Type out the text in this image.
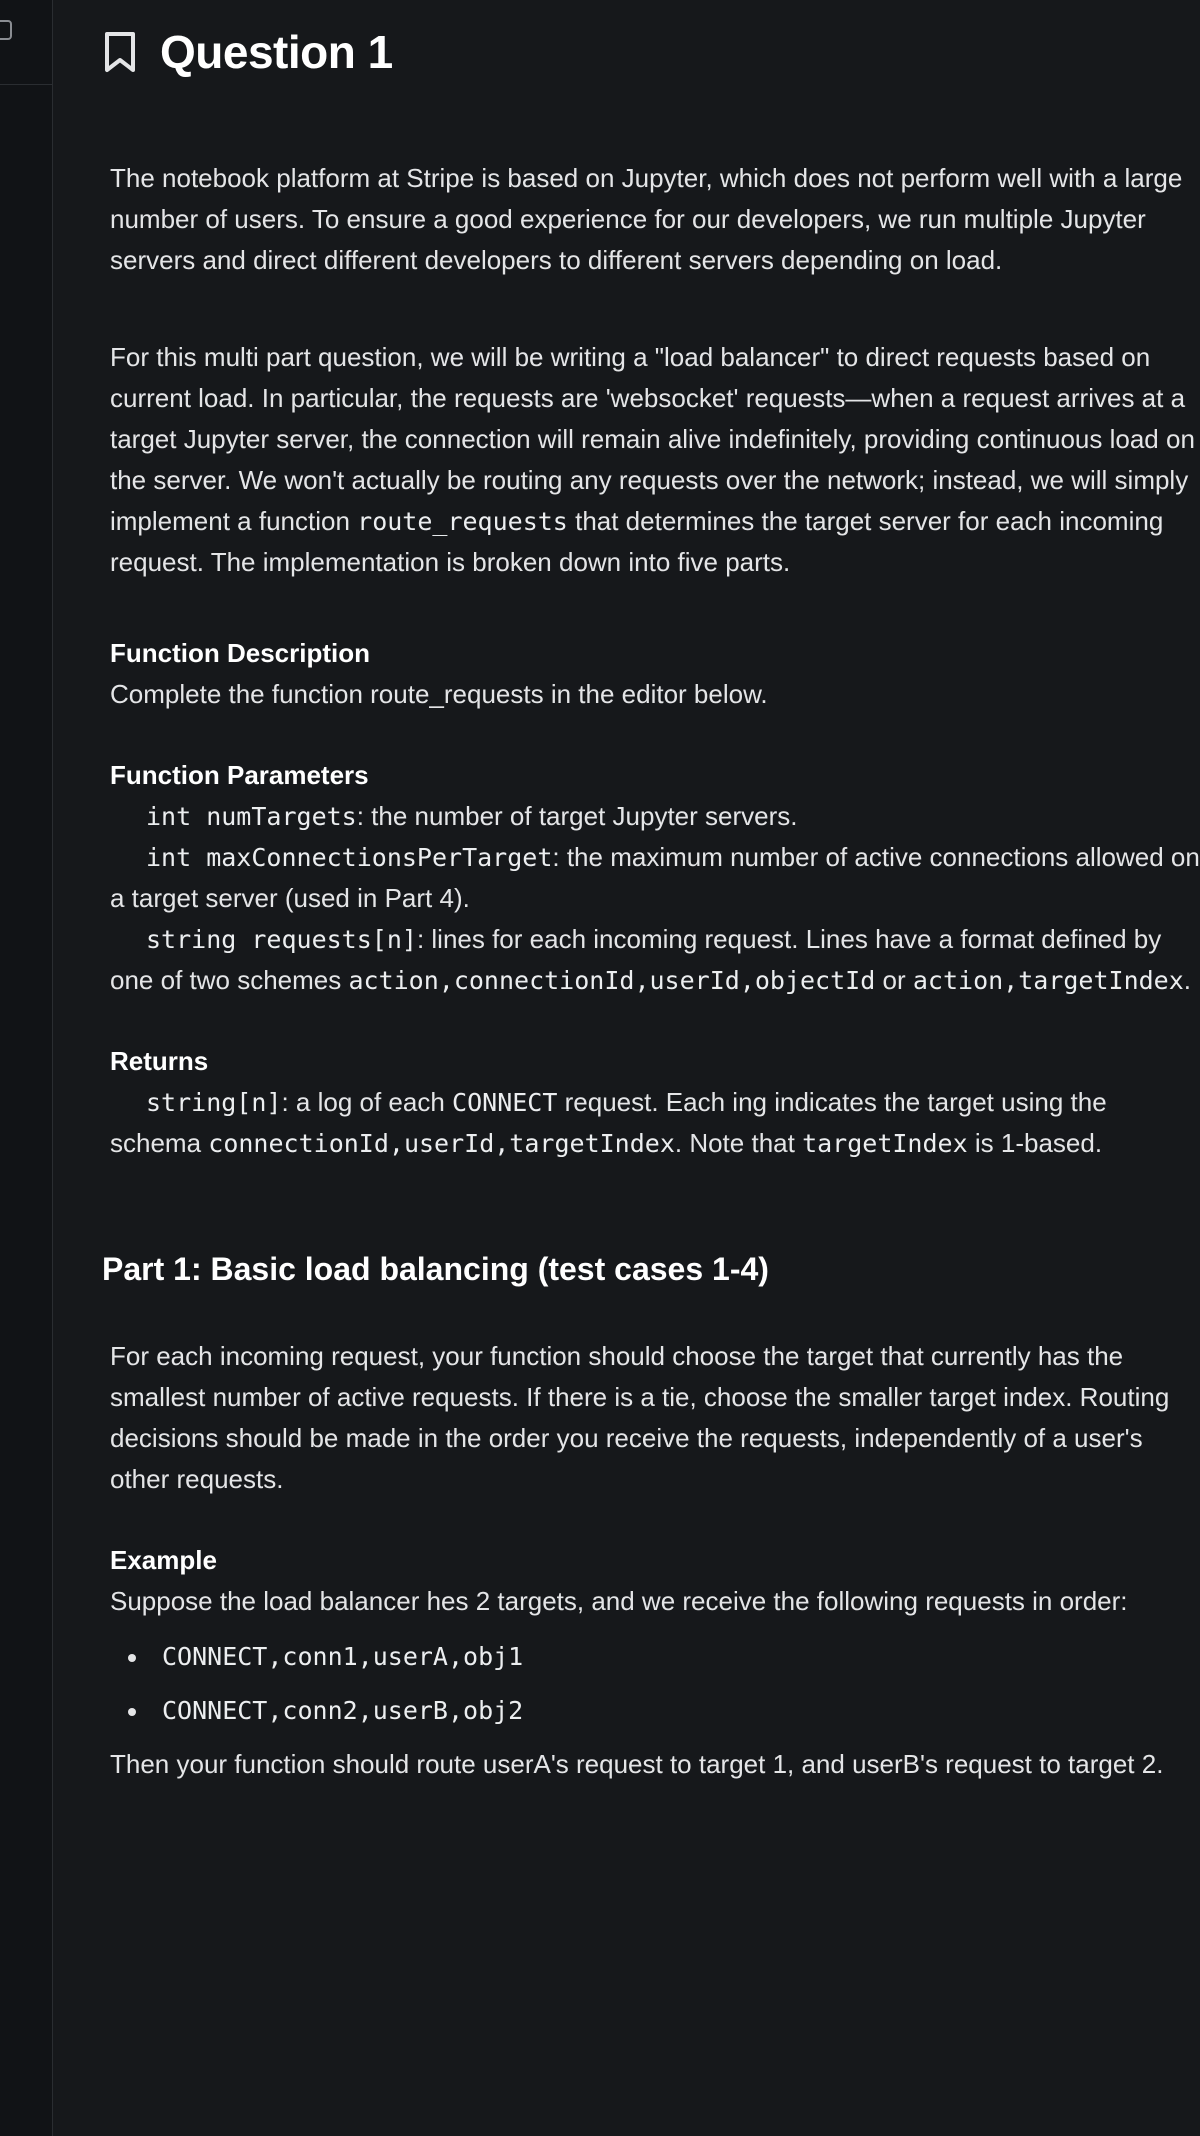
Question 1

The notebook platform at Stripe is based on Jupyter, which does not perform well with a large number of users. To ensure a good experience for our developers, we run multiple Jupyter servers and direct different developers to different servers depending on load.

For this multi part question, we will be writing a "load balancer" to direct requests based on current load. In particular, the requests are 'websocket' requests—when a request arrives at a target Jupyter server, the connection will remain alive indefinitely, providing continuous load on the server. We won't actually be routing any requests over the network; instead, we will simply implement a function route_requests that determines the target server for each incoming request. The implementation is broken down into five parts.

Function Description

Complete the function route_requests in the editor below.

Function Parameters

int numTargets: the number of target Jupyter servers.

int maxConnectionsPerTarget: the maximum number of active connections allowed on a target server (used in Part 4).

string requests[n]: lines for each incoming request. Lines have a format defined by one of two schemes action,connectionId,userId,objectId or action,targetIndex.

Returns

string[n]: a log of each CONNECT request. Each ing indicates the target using the schema connectionId,userId,targetIndex. Note that targetIndex is 1-based.

Part 1: Basic load balancing (test cases 1-4)

For each incoming request, your function should choose the target that currently has the smallest number of active requests. If there is a tie, choose the smaller target index. Routing decisions should be made in the order you receive the requests, independently of a user's other requests.

Example

Suppose the load balancer hes 2 targets, and we receive the following requests in order:

CONNECT,conn1,userA,obj1
CONNECT,conn2,userB,obj2

Then your function should route userA's request to target 1, and userB's request to target 2.
